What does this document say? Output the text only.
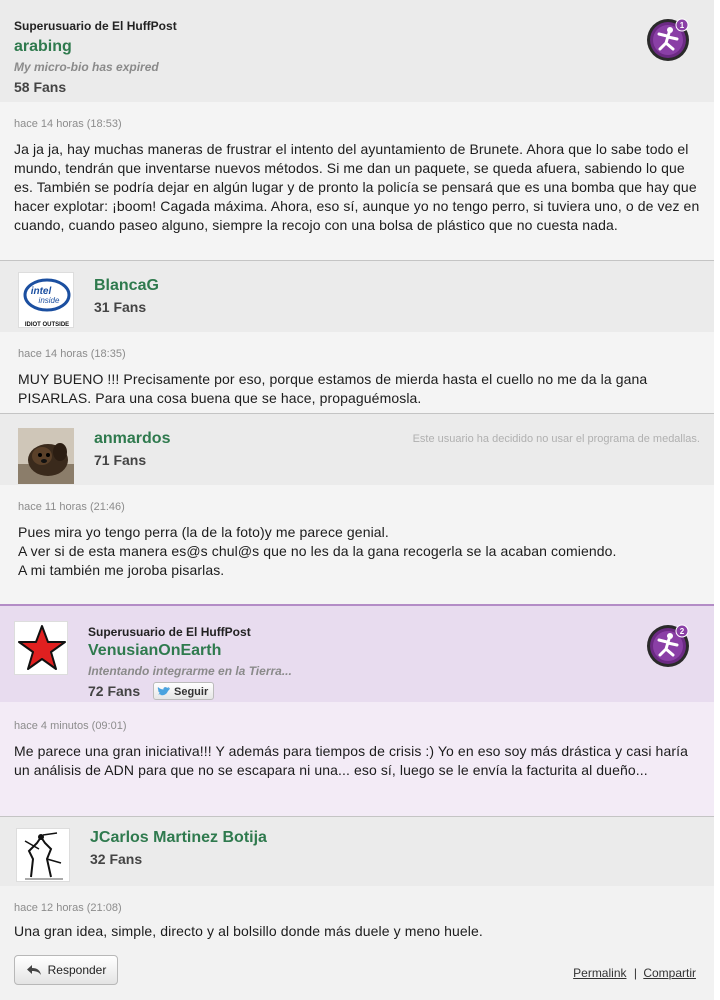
Superusuario de El HuffPost
arabing
My micro-bio has expired
58 Fans
1
hace 14 horas (18:53)
Ja ja ja, hay muchas maneras de frustrar el intento del ayuntamiento de Brunete. Ahora que lo sabe todo el mundo, tendrán que inventarse nuevos métodos. Si me dan un paquete, se queda afuera, sabiendo lo que es. También se podría dejar en algún lugar y de pronto la policía se pensará que es una bomba que hay que hacer explotar: ¡boom! Cagada máxima. Ahora, eso sí, aunque yo no tengo perro, si tuviera uno, o de vez en cuando, cuando paseo alguno, siempre la recojo con una bolsa de plástico que no cuesta nada.
intel
inside
IDIOT OUTSIDE
BlancaG
31 Fans
hace 14 horas (18:35)
MUY BUENO !!! Precisamente por eso, porque estamos de mierda hasta el cuello no me da la gana PISARLAS. Para una cosa buena que se hace, propaguémosla.
anmardos
71 Fans
Este usuario ha decidido no usar el programa de medallas.
hace 11 horas (21:46)
Pues mira yo tengo perra (la de la foto)y me parece genial.
A ver si de esta manera es@s chul@s que no les da la gana recogerla se la acaban comiendo.
A mi también me joroba pisarlas.
Superusuario de El HuffPost
VenusianOnEarth
Intentando integrarme en la Tierra...
72 Fans	Seguir
2
hace 4 minutos (09:01)
Me parece una gran iniciativa!!! Y además para tiempos de crisis :) Yo en eso soy más drástica y casi haría un análisis de ADN para que no se escapara ni una... eso sí, luego se le envía la facturita al dueño...
JCarlos Martinez Botija
32 Fans
hace 12 horas (21:08)
Una gran idea, simple, directo y al bolsillo donde más duele y meno huele.
Responder	Permalink | Compartir
